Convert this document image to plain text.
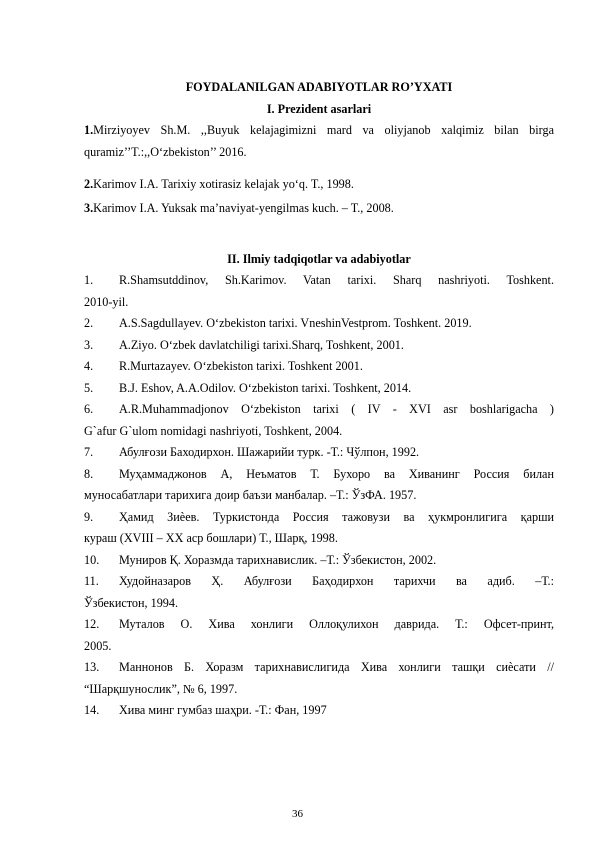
FOYDALANILGAN ADABIYOTLAR RO’YXATI
I. Prezident asarlari
1.Mirziyoyev Sh.M. ,,Buyuk kelajagimizni mard va oliyjanob xalqimiz bilan birga
quramiz’’T.:,,O‘zbekiston’’ 2016.
2.Karimov I.A. Tarixiy xotirasiz kelajak yo‘q. T., 1998.
3.Karimov I.A. Yuksak ma’naviyat-yengilmas kuch. – T., 2008.
II. Ilmiy tadqiqotlar va adabiyotlar
1.	R.Shamsutddinov, Sh.Karimov. Vatan tarixi. Sharq nashriyoti. Toshkent.
2010-yil.
2.	A.S.Sagdullayev. O‘zbekiston tarixi. VneshinVestprom. Toshkent. 2019.
3.	A.Ziyo. O‘zbek davlatchiligi tarixi.Sharq, Toshkent, 2001.
4.	R.Murtazayev. O‘zbekiston tarixi. Toshkent 2001.
5.	B.J. Eshov, A.A.Odilov. O‘zbekiston tarixi. Toshkent, 2014.
6.	A.R.Muhammadjonov O‘zbekiston tarixi ( IV - XVI asr boshlarigacha )
G`afur G`ulom nomidagi nashriyoti, Toshkent, 2004.
7.	Абулғози Баходирхон. Шажарийи турк. -Т.: Чўлпон, 1992.
8.	Муҳаммаджонов А, Неъматов Т. Бухоро ва Хиванинг Россия билан
муносабатлари тарихига доир баъзи манбалар. –Т.: ЎзФА. 1957.
9.	Ҳамид Зиѐев. Туркистонда Россия тажовузи ва ҳукмронлигига қарши
кураш (XVIII – XX аср бошлари) Т., Шарқ, 1998.
10.	Муниров Қ. Хоразмда тарихнавислик. –Т.: Ўзбекистон, 2002.
11.	Худойназаров Ҳ. Абулғози Баҳодирхон тарихчи ва адиб. –Т.:
Ўзбекистон, 1994.
12.	Муталов О. Хива хонлиги Оллоқулихон даврида. Т.: Офсет-принт,
2005.
13.	Маннонов Б. Хоразм тарихнавислигида Хива хонлиги ташқи сиѐсати //
“Шарқшунослик”, № 6, 1997.
14.	Хива минг гумбаз шаҳри. -Т.: Фан, 1997
36
